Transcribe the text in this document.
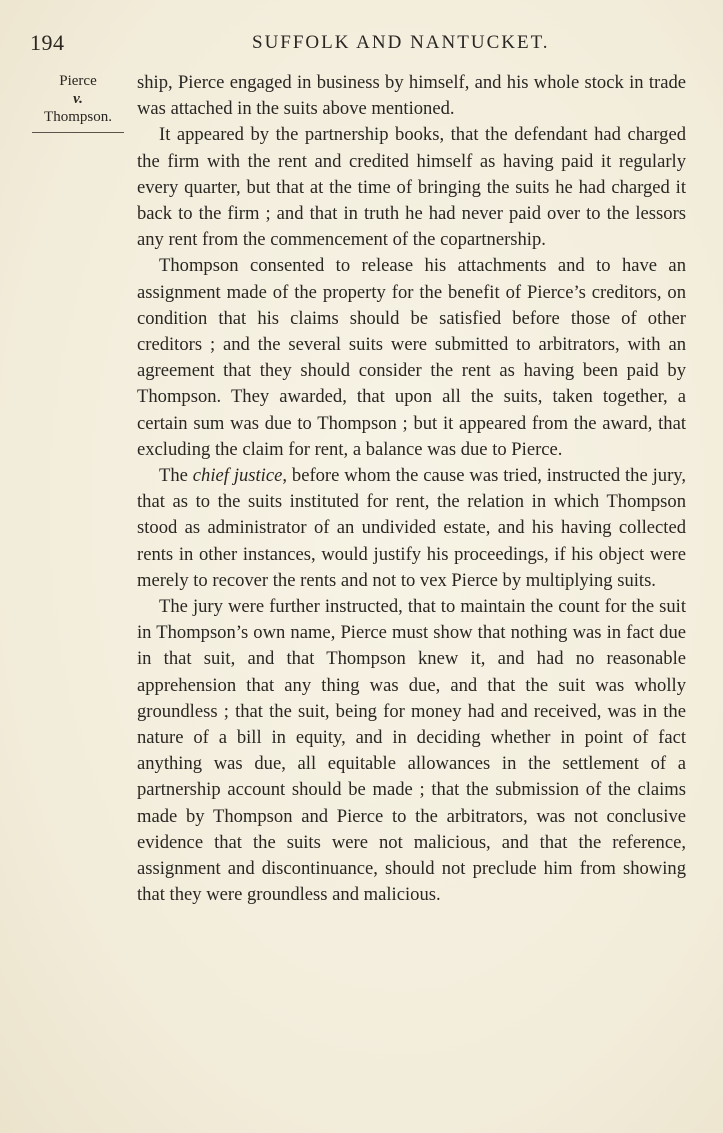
194	SUFFOLK AND NANTUCKET.
Pierce
v.
Thompson.

ship, Pierce engaged in business by himself, and his whole stock in trade was attached in the suits above mentioned.

It appeared by the partnership books, that the defendant had charged the firm with the rent and credited himself as having paid it regularly every quarter, but that at the time of bringing the suits he had charged it back to the firm ; and that in truth he had never paid over to the lessors any rent from the commencement of the copartnership.

Thompson consented to release his attachments and to have an assignment made of the property for the benefit of Pierce’s creditors, on condition that his claims should be satisfied before those of other creditors ; and the several suits were submitted to arbitrators, with an agreement that they should consider the rent as having been paid by Thompson. They awarded, that upon all the suits, taken together, a certain sum was due to Thompson ; but it appeared from the award, that excluding the claim for rent, a balance was due to Pierce.

The chief justice, before whom the cause was tried, instructed the jury, that as to the suits instituted for rent, the relation in which Thompson stood as administrator of an undivided estate, and his having collected rents in other instances, would justify his proceedings, if his object were merely to recover the rents and not to vex Pierce by multiplying suits.

The jury were further instructed, that to maintain the count for the suit in Thompson’s own name, Pierce must show that nothing was in fact due in that suit, and that Thompson knew it, and had no reasonable apprehension that any thing was due, and that the suit was wholly groundless ; that the suit, being for money had and received, was in the nature of a bill in equity, and in deciding whether in point of fact anything was due, all equitable allowances in the settlement of a partnership account should be made ; that the submission of the claims made by Thompson and Pierce to the arbitrators, was not conclusive evidence that the suits were not malicious, and that the reference, assignment and discontinuance, should not preclude him from showing that they were groundless and malicious.
